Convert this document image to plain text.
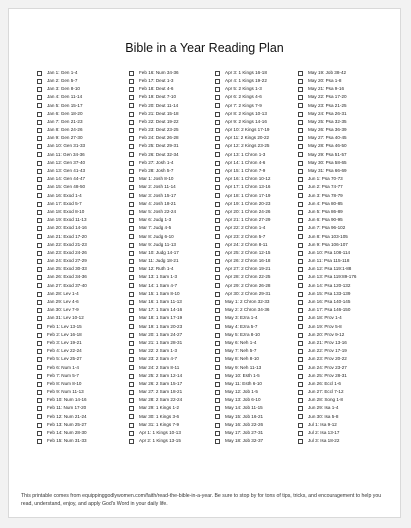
Bible in a Year Reading Plan
Jan 1: Gen 1-4
Jan 2: Gen 5-7
Jan 3: Gen 8-10
Jan 4: Gen 11-14
Jan 5: Gen 15-17
Jan 6: Gen 18-20
Jan 7: Gen 21-23
Jan 8: Gen 24-26
Jan 9: Gen 27-30
Jan 10: Gen 31-33
Jan 11: Gen 34-36
Jan 12: Gen 37-40
Jan 13: Gen 41-43
Jan 14: Gen 44-47
Jan 15: Gen 48-50
Jan 16: Exod 1-4
Jan 17: Exod 5-7
Jan 18: Exod 8-10
Jan 19: Exod 11-13
Jan 20: Exod 14-16
Jan 21: Exod 17-20
Jan 22: Exod 21-23
Jan 23: Exod 24-26
Jan 24: Exod 27-29
Jan 25: Exod 30-33
Jan 26: Exod 34-36
Jan 27: Exod 37-40
Jan 28: Lev 1-4
Jan 29: Lev 4-6
Jan 30: Lev 7-9
Jan 31: Lev 10-12
Feb 1: Lev 13-15
Feb 2: Lev 16-18
Feb 3: Lev 19-21
Feb 4: Lev 22-24
Feb 5: Lev 25-27
Feb 6: Num 1-4
Feb 7: Num 5-7
Feb 8: Num 8-10
Feb 9: Num 11-13
Feb 10: Num 14-16
Feb 11: Num 17-20
Feb 12: Num 21-24
Feb 13: Num 25-27
Feb 14: Num 28-30
Feb 15: Num 31-33
Feb 16: Num 34-36
Feb 17: Deut 1-3
Feb 18: Deut 4-6
Feb 19: Deut 7-10
Feb 20: Deut 11-14
Feb 21: Deut 15-18
Feb 22: Deut 19-22
Feb 23: Deut 23-25
Feb 24: Deut 26-28
Feb 25: Deut 29-31
Feb 26: Deut 32-34
Feb 27: Josh 1-4
Feb 28: Josh 5-7
Mar 1: Josh 8-10
Mar 2: Josh 11-14
Mar 3: Josh 15-17
Mar 4: Josh 18-21
Mar 5: Josh 22-24
Mar 6: Judg 1-3
Mar 7: Judg 4-5
Mar 8: Judg 6-10
Mar 9: Judg 11-13
Mar 10: Judg 14-17
Mar 11: Judg 18-21
Mar 12: Ruth 1-4
Mar 13: 1 Sam 1-3
Mar 14: 1 Sam 4-7
Mar 15: 1 Sam 8-10
Mar 16: 1 Sam 11-13
Mar 17: 1 Sam 14-16
Mar 18: 1 Sam 17-19
Mar 19: 1 Sam 20-23
Mar 20: 1 Sam 24-27
Mar 21: 1 Sam 28-31
Mar 22: 2 Sam 1-3
Mar 23: 2 Sam 4-7
Mar 24: 2 Sam 8-11
Mar 25: 2 Sam 12-14
Mar 26: 2 Sam 15-17
Mar 27: 2 Sam 18-21
Mar 28: 2 Sam 22-24
Mar 29: 1 Kings 1-2
Mar 30: 1 Kings 3-6
Mar 31: 1 Kings 7-9
Apr 1: 1 Kings 10-13
Apr 2: 1 Kings 13-15
Apr 3: 1 Kings 16-18
Apr 4: 1 Kings 19-22
Apr 5: 2 Kings 1-3
Apr 6: 2 Kings 4-6
Apr 7: 2 Kings 7-9
Apr 8: 2 Kings 10-13
Apr 9: 2 Kings 14-16
Apr 10: 2 Kings 17-19
Apr 11: 2 Kings 20-22
Apr 12: 2 Kings 23-25
Apr 13: 1 Chron 1-3
Apr 14: 1 Chron 4-6
Apr 15: 1 Chron 7-9
Apr 16: 1 Chron 10-12
Apr 17: 1 Chron 13-16
Apr 18: 1 Chron 17-19
Apr 19: 1 Chron 20-23
Apr 20: 1 Chron 24-26
Apr 21: 1 Chron 27-29
Apr 22: 2 Chron 1-4
Apr 23: 2 Chron 5-7
Apr 24: 2 Chron 8-11
Apr 25: 2 Chron 12-15
Apr 26: 2 Chron 16-18
Apr 27: 2 Chron 19-21
Apr 28: 2 Chron 22-25
Apr 29: 2 Chron 26-28
Apr 30: 2 Chron 29-31
May 1: 2 Chron 32-33
May 2: 2 Chron 34-36
May 3: Ezra 1-4
May 4: Ezra 5-7
May 5: Ezra 8-10
May 6: Neh 1-4
May 7: Neh 5-7
May 8: Neh 8-10
May 9: Neh 11-13
May 10: Esth 1-5
May 11: Esth 6-10
May 12: Job 1-5
May 13: Job 6-10
May 14: Job 11-15
May 15: Job 16-21
May 16: Job 22-26
May 17: Job 27-31
May 18: Job 32-37
May 19: Job 38-42
May 20: Psa 1-8
May 21: Psa 9-16
May 22: Psa 17-20
May 23: Psa 21-25
May 24: Psa 26-31
May 25: Psa 32-35
May 26: Psa 36-39
May 27: Psa 40-45
May 28: Psa 46-50
May 29: Psa 51-57
May 30: Psa 58-65
May 31: Psa 66-69
Jun 1: Psa 70-73
Jun 2: Psa 74-77
Jun 3: Psa 78-79
Jun 4: Psa 80-85
Jun 5: Psa 86-89
Jun 6: Psa 90-95
Jun 7: Psa 96-102
Jun 8: Psa 103-105
Jun 9: Psa 106-107
Jun 10: Psa 108-114
Jun 11: Psa 115-118
Jun 12: Psa 119:1-88
Jun 13: Psa 119:89-176
Jun 14: Psa 120-132
Jun 15: Psa 133-139
Jun 16: Psa 140-145
Jun 17: Psa 146-150
Jun 18: Prov 1-4
Jun 19: Prov 5-8
Jun 20: Prov 9-12
Jun 21: Prov 13-16
Jun 22: Prov 17-19
Jun 23: Prov 20-22
Jun 24: Prov 23-27
Jun 25: Prov 28-31
Jun 26: Eccl 1-6
Jun 27: Eccl 7-12
Jun 28: Song 1-8
Jun 29: Isa 1-4
Jun 30: Isa 5-8
Jul 1: Isa 9-12
Jul 2: Isa 13-17
Jul 3: Isa 18-22
This printable comes from equippinggodlywomen.com/faith/read-the-bible-in-a-year. Be sure to stop by for tons of tips, tricks, and encouragement to help you read, understand, enjoy, and apply God's Word in your daily life.
